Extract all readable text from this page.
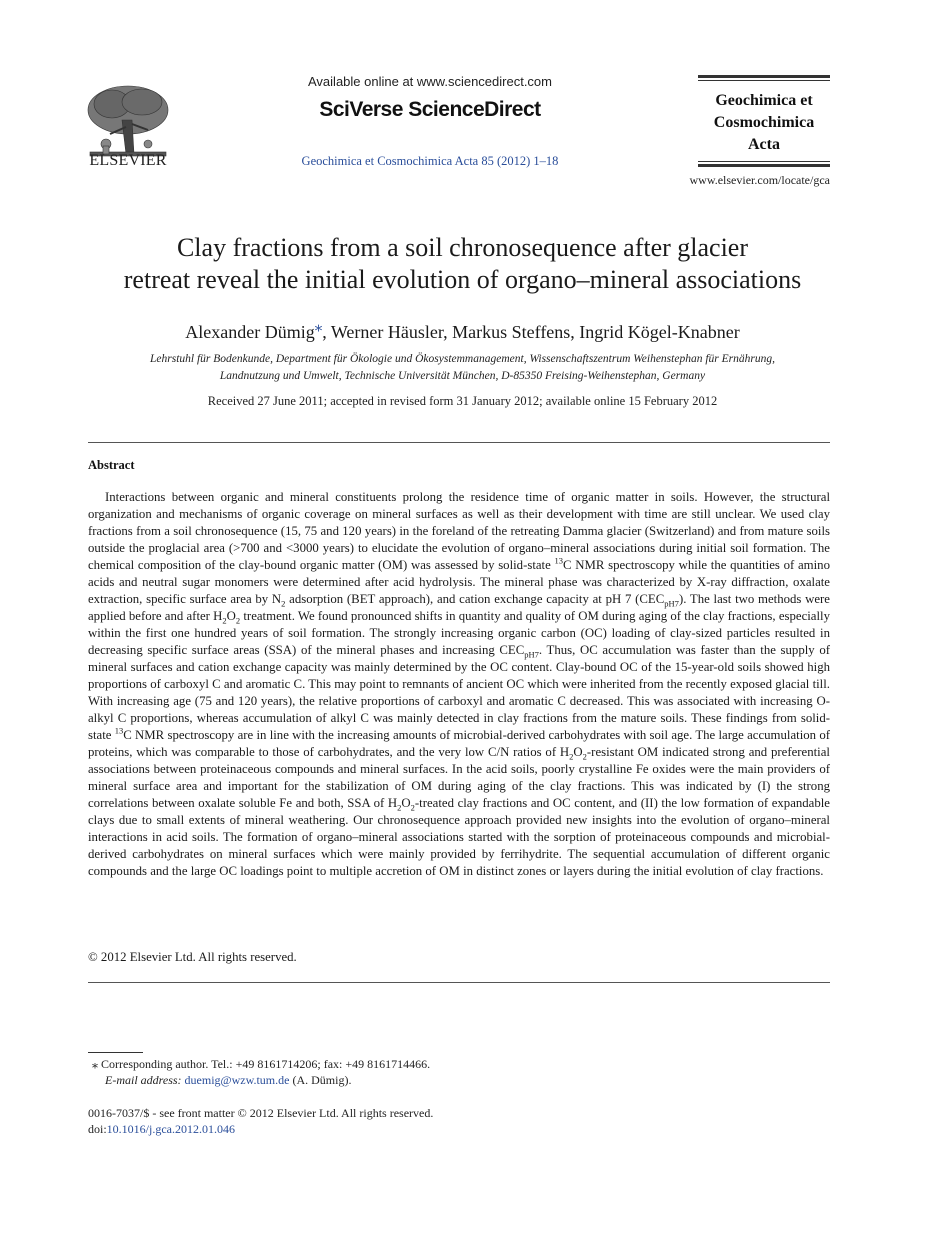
ELSEVIER
Available online at www.sciencedirect.com
SciVerse ScienceDirect
Geochimica et Cosmochimica Acta 85 (2012) 1–18
Geochimica et
Cosmochimica
Acta
www.elsevier.com/locate/gca
Clay fractions from a soil chronosequence after glacier
retreat reveal the initial evolution of organo–mineral associations
Alexander Dümig⁎, Werner Häusler, Markus Steffens, Ingrid Kögel-Knabner
Lehrstuhl für Bodenkunde, Department für Ökologie und Ökosystemmanagement, Wissenschaftszentrum Weihenstephan für Ernährung,
Landnutzung und Umwelt, Technische Universität München, D-85350 Freising-Weihenstephan, Germany
Received 27 June 2011; accepted in revised form 31 January 2012; available online 15 February 2012
Abstract

Interactions between organic and mineral constituents prolong the residence time of organic matter in soils. However, the structural organization and mechanisms of organic coverage on mineral surfaces as well as their development with time are still unclear. We used clay fractions from a soil chronosequence (15, 75 and 120 years) in the foreland of the retreating Damma glacier (Switzerland) and from mature soils outside the proglacial area (>700 and <3000 years) to elucidate the evolution of organo–mineral associations during initial soil formation. The chemical composition of the clay-bound organic matter (OM) was assessed by solid-state $^{13}$C NMR spectroscopy while the quantities of amino acids and neutral sugar monomers were determined after acid hydrolysis. The mineral phase was characterized by X-ray diffraction, oxalate extraction, specific surface area by $N_2$ adsorption (BET approach), and cation exchange capacity at pH 7 $(CEC_{pH7})$. The last two methods were applied before and after $H_2O_2$ treatment. We found pronounced shifts in quantity and quality of OM during aging of the clay fractions, especially within the first one hundred years of soil formation. The strongly increasing organic carbon (OC) loading of clay-sized particles resulted in decreasing specific surface areas (SSA) of the mineral phases and increasing $CEC_{pH7}$. Thus, OC accumulation was faster than the supply of mineral surfaces and cation exchange capacity was mainly determined by the OC content. Clay-bound OC of the 15-year-old soils showed high proportions of carboxyl C and aromatic C. This may point to remnants of ancient OC which were inherited from the recently exposed glacial till. With increasing age (75 and 120 years), the relative proportions of carboxyl and aromatic C decreased. This was associated with increasing O-alkyl C proportions, whereas accumulation of alkyl C was mainly detected in clay fractions from the mature soils. These findings from solid-state $^{13}$C NMR spectroscopy are in line with the increasing amounts of microbial-derived carbohydrates with soil age. The large accumulation of proteins, which was comparable to those of carbohydrates, and the very low C/N ratios of $H_2O_2$-resistant OM indicated strong and preferential associations between proteinaceous compounds and mineral surfaces. In the acid soils, poorly crystalline Fe oxides were the main providers of mineral surface area and important for the stabilization of OM during aging of the clay fractions. This was indicated by (I) the strong correlations between oxalate soluble Fe and both, SSA of $H_2O_2$-treated clay fractions and OC content, and (II) the low formation of expandable clays due to small extents of mineral weathering. Our chronosequence approach provided new insights into the evolution of organo–mineral interactions in acid soils. The formation of organo–mineral associations started with the sorption of proteinaceous compounds and microbial-derived carbohydrates on mineral surfaces which were mainly provided by ferrihydrite. The sequential accumulation of different organic compounds and the large OC loadings point to multiple accretion of OM in distinct zones or layers during the initial evolution of clay fractions.

© 2012 Elsevier Ltd. All rights reserved.
⁎ Corresponding author. Tel.: +49 8161714206; fax: +49 8161714466.
E-mail address: duemig@wzw.tum.de (A. Dümig).
0016-7037/$ - see front matter © 2012 Elsevier Ltd. All rights reserved.
doi:10.1016/j.gca.2012.01.046
